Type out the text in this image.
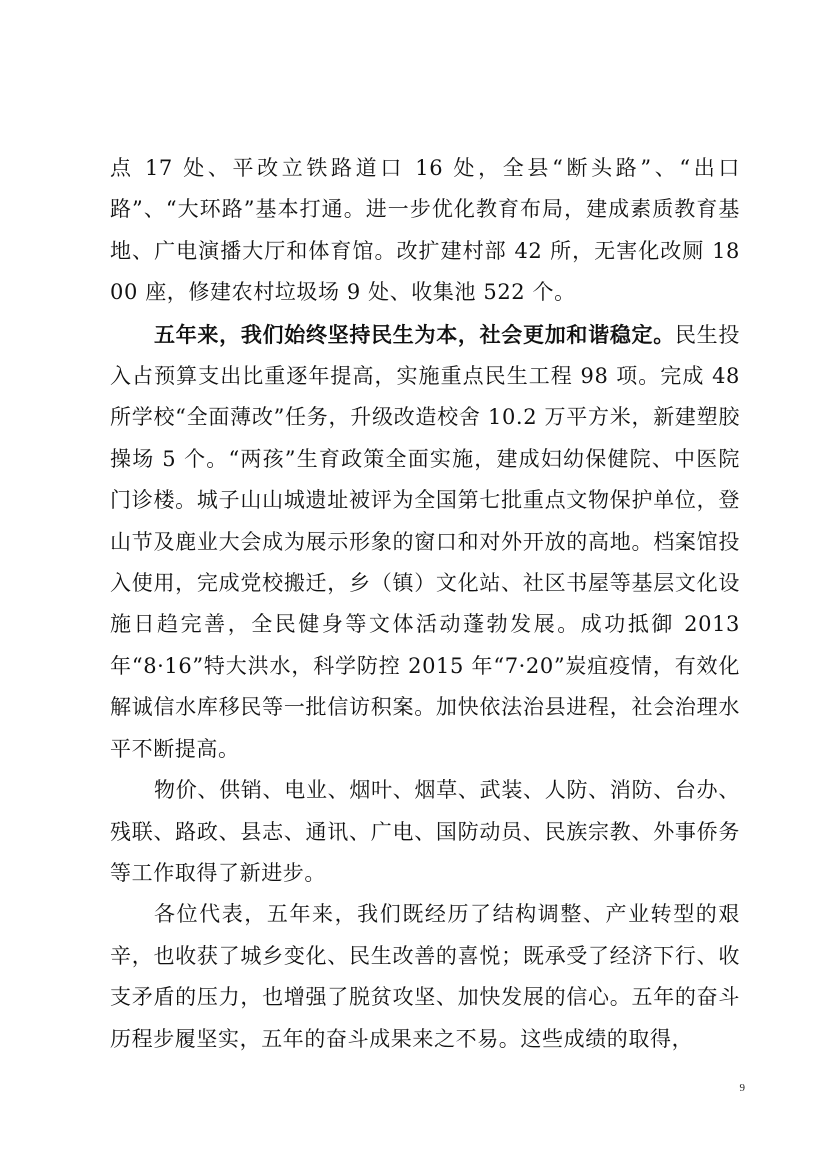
点 17 处、平改立铁路道口 16 处，全县“断头路”、“出口路”、“大环路”基本打通。进一步优化教育布局，建成素质教育基地、广电演播大厅和体育馆。改扩建村部 42 所，无害化改厕 1800 座，修建农村垃圾场 9 处、收集池 522 个。

五年来，我们始终坚持民生为本，社会更加和谐稳定。民生投入占预算支出比重逐年提高，实施重点民生工程 98 项。完成 48 所学校“全面薄改”任务，升级改造校舍 10.2 万平方米，新建塑胶操场 5 个。“两孩”生育政策全面实施，建成妇幼保健院、中医院门诊楼。城子山山城遗址被评为全国第七批重点文物保护单位，登山节及鹿业大会成为展示形象的窗口和对外开放的高地。档案馆投入使用，完成党校搬迁，乡（镇）文化站、社区书屋等基层文化设施日趋完善，全民健身等文体活动蓬勃发展。成功抵御 2013 年“8·16”特大洪水，科学防控 2015 年“7·20”炭疽疫情，有效化解诚信水库移民等一批信访积案。加快依法治县进程，社会治理水平不断提高。

物价、供销、电业、烟叶、烟草、武装、人防、消防、台办、残联、路政、县志、通讯、广电、国防动员、民族宗教、外事侨务等工作取得了新进步。

各位代表，五年来，我们既经历了结构调整、产业转型的艰辛，也收获了城乡变化、民生改善的喜悦；既承受了经济下行、收支矛盾的压力，也增强了脱贫攻坚、加快发展的信心。五年的奋斗历程步履坚实，五年的奋斗成果来之不易。这些成绩的取得，

9
